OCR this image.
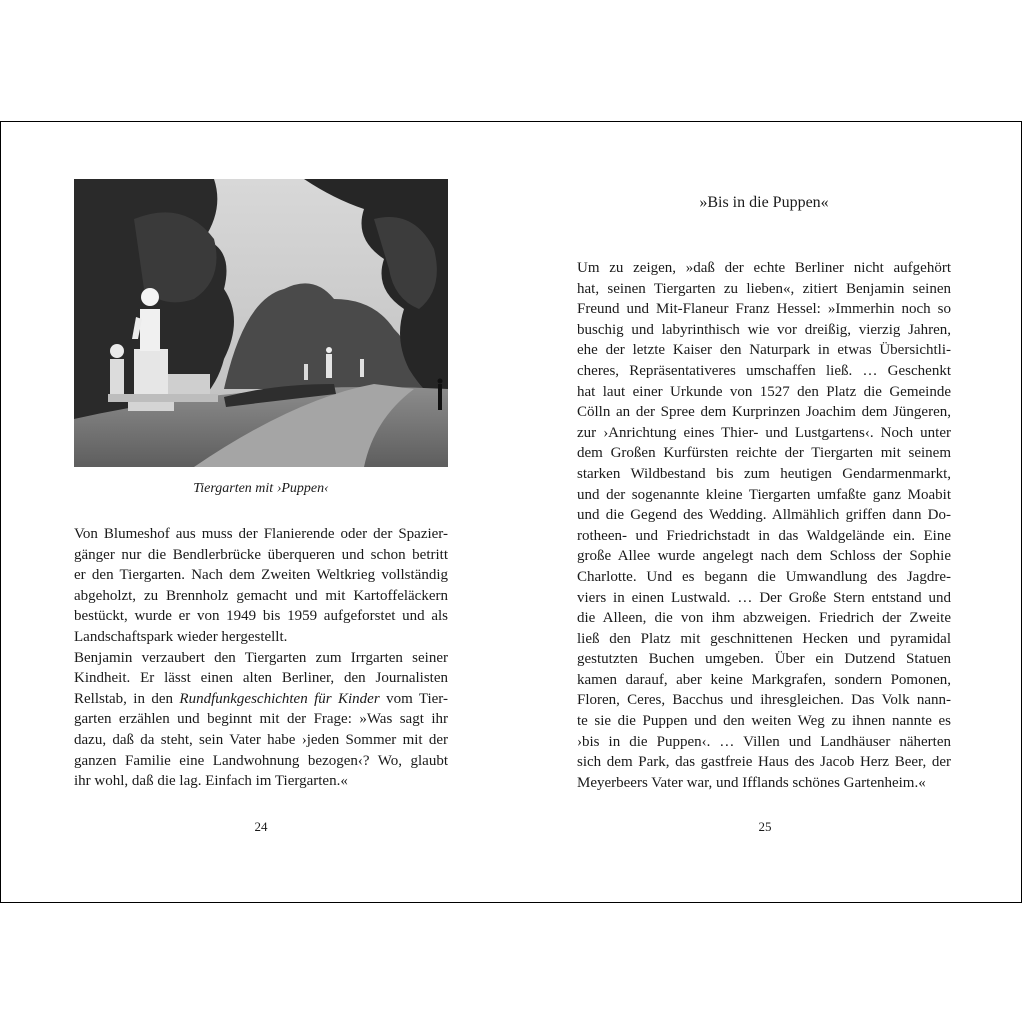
Tiergarten mit ›Puppen‹

Von Blumeshof aus muss der Flanierende oder der Spazier-
gänger nur die Bendlerbrücke überqueren und schon betritt
er den Tiergarten. Nach dem Zweiten Weltkrieg vollständig
abgeholzt, zu Brennholz gemacht und mit Kartoffeläckern
bestückt, wurde er von 1949 bis 1959 aufgeforstet und als
Landschaftspark wieder hergestellt.
Benjamin verzaubert den Tiergarten zum Irrgarten seiner
Kindheit. Er lässt einen alten Berliner, den Journalisten
Rellstab, in den Rundfunkgeschichten für Kinder vom Tier-
garten erzählen und beginnt mit der Frage: »Was sagt ihr
dazu, daß da steht, sein Vater habe ›jeden Sommer mit der
ganzen Familie eine Landwohnung bezogen‹? Wo, glaubt
ihr wohl, daß die lag. Einfach im Tiergarten.«

24

»Bis in die Puppen«

Um zu zeigen, »daß der echte Berliner nicht aufgehört
hat, seinen Tiergarten zu lieben«, zitiert Benjamin seinen
Freund und Mit-Flaneur Franz Hessel: »Immerhin noch so
buschig und labyrinthisch wie vor dreißig, vierzig Jahren,
ehe der letzte Kaiser den Naturpark in etwas Übersichtli-
cheres, Repräsentativeres umschaffen ließ. … Geschenkt
hat laut einer Urkunde von 1527 den Platz die Gemeinde
Cölln an der Spree dem Kurprinzen Joachim dem Jüngeren,
zur ›Anrichtung eines Thier- und Lustgartens‹. Noch unter
dem Großen Kurfürsten reichte der Tiergarten mit seinem
starken Wildbestand bis zum heutigen Gendarmenmarkt,
und der sogenannte kleine Tiergarten umfaßte ganz Moabit
und die Gegend des Wedding. Allmählich griffen dann Do-
rotheen- und Friedrichstadt in das Waldgelände ein. Eine
große Allee wurde angelegt nach dem Schloss der Sophie
Charlotte. Und es begann die Umwandlung des Jagdre-
viers in einen Lustwald. … Der Große Stern entstand und
die Alleen, die von ihm abzweigen. Friedrich der Zweite
ließ den Platz mit geschnittenen Hecken und pyramidal
gestutzten Buchen umgeben. Über ein Dutzend Statuen
kamen darauf, aber keine Markgrafen, sondern Pomonen,
Floren, Ceres, Bacchus und ihresgleichen. Das Volk nann-
te sie die Puppen und den weiten Weg zu ihnen nannte es
›bis in die Puppen‹. … Villen und Landhäuser näherten
sich dem Park, das gastfreie Haus des Jacob Herz Beer, der
Meyerbeers Vater war, und Ifflands schönes Gartenheim.«

25
